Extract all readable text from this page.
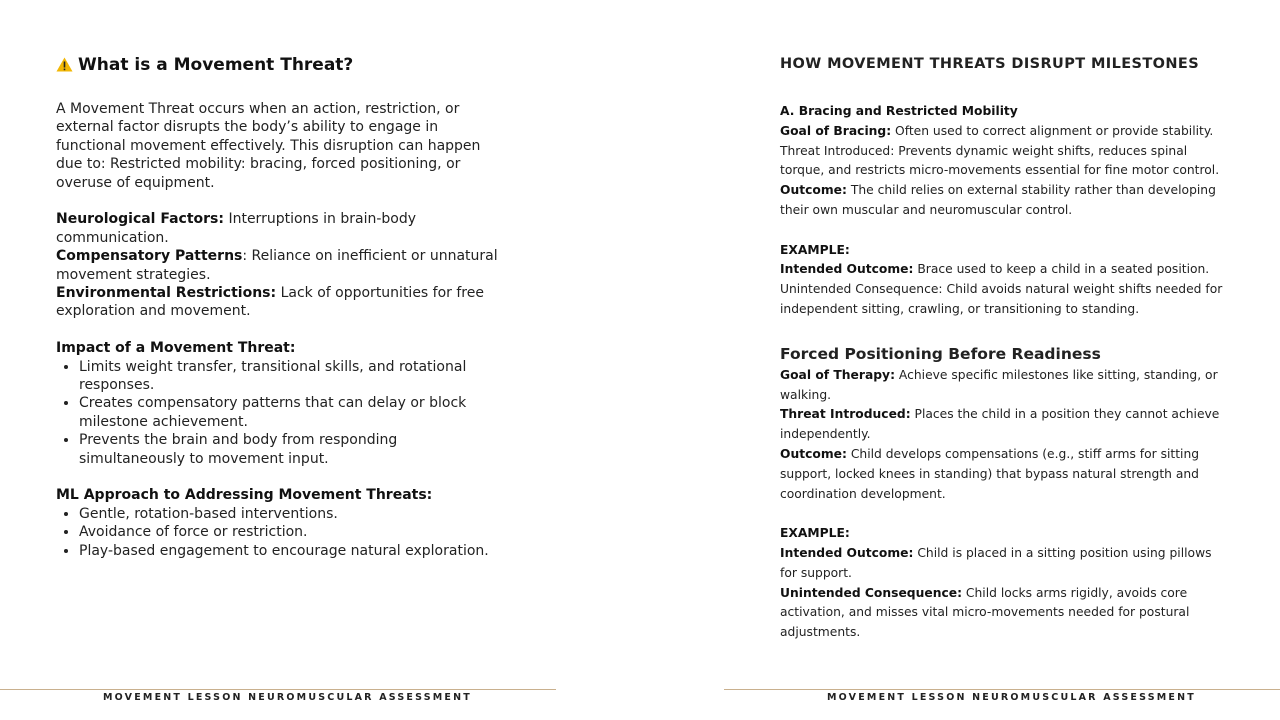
What is a Movement Threat?

A Movement Threat occurs when an action, restriction, or external factor disrupts the body’s ability to engage in functional movement effectively. This disruption can happen due to: Restricted mobility: bracing, forced positioning, or overuse of equipment.

Neurological Factors: Interruptions in brain-body communication.

Compensatory Patterns: Reliance on inefficient or unnatural movement strategies.

Environmental Restrictions: Lack of opportunities for free exploration and movement.

Impact of a Movement Threat:

• Limits weight transfer, transitional skills, and rotational responses.
• Creates compensatory patterns that can delay or block milestone achievement.
• Prevents the brain and body from responding simultaneously to movement input.

ML Approach to Addressing Movement Threats:

• Gentle, rotation-based interventions.
• Avoidance of force or restriction.
• Play-based engagement to encourage natural exploration.
HOW MOVEMENT THREATS DISRUPT MILESTONES

A. Bracing and Restricted Mobility

Goal of Bracing: Often used to correct alignment or provide stability.

Threat Introduced: Prevents dynamic weight shifts, reduces spinal torque, and restricts micro-movements essential for fine motor control.

Outcome: The child relies on external stability rather than developing their own muscular and neuromuscular control.

EXAMPLE:

Intended Outcome: Brace used to keep a child in a seated position.

Unintended Consequence: Child avoids natural weight shifts needed for independent sitting, crawling, or transitioning to standing.

Forced Positioning Before Readiness

Goal of Therapy: Achieve specific milestones like sitting, standing, or walking.

Threat Introduced: Places the child in a position they cannot achieve independently.

Outcome: Child develops compensations (e.g., stiff arms for sitting support, locked knees in standing) that bypass natural strength and coordination development.

EXAMPLE:

Intended Outcome: Child is placed in a sitting position using pillows for support.

Unintended Consequence: Child locks arms rigidly, avoids core activation, and misses vital micro-movements needed for postural adjustments.

MOVEMENT LESSON NEUROMUSCULAR ASSESSMENT	MOVEMENT LESSON NEUROMUSCULAR ASSESSMENT
